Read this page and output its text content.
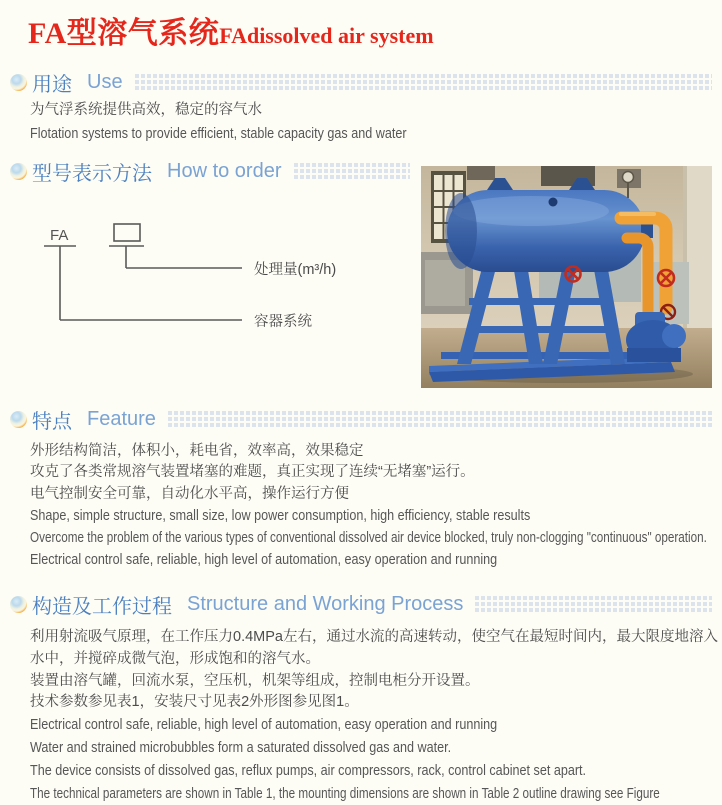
FA型溶气系统FAdissolved air system
用途 Use
为气浮系统提供高效，稳定的容气水
Flotation systems to provide efficient, stable capacity gas and water
型号表示方法 How to order
FA
处理量(m³/h)
容器系统
特点 Feature
外形结构简洁，体积小，耗电省，效率高，效果稳定
攻克了各类常规溶气装置堵塞的难题，真正实现了连续“无堵塞”运行。
电气控制安全可靠，自动化水平高，操作运行方便
Shape, simple structure, small size, low power consumption, high efficiency, stable results
Overcome the problem of the various types of conventional dissolved air device blocked, truly non-clogging "continuous" operation.
Electrical control safe, reliable, high level of automation, easy operation and running
构造及工作过程 Structure and Working Process
利用射流吸气原理，在工作压力0.4MPa左右，通过水流的高速转动，使空气在最短时间内，最大限度地溶入水中，并搅碎成微气泡，形成饱和的溶气水。
装置由溶气罐，回流水泵，空压机，机架等组成，控制电柜分开设置。
技术参数参见表1，安装尺寸见表2外形图参见图1。
Electrical control safe, reliable, high level of automation, easy operation and running
Water and strained microbubbles form a saturated dissolved gas and water.
The device consists of dissolved gas, reflux pumps, air compressors, rack, control cabinet set apart.
The technical parameters are shown in Table 1, the mounting dimensions are shown in Table 2 outline drawing see Figure
